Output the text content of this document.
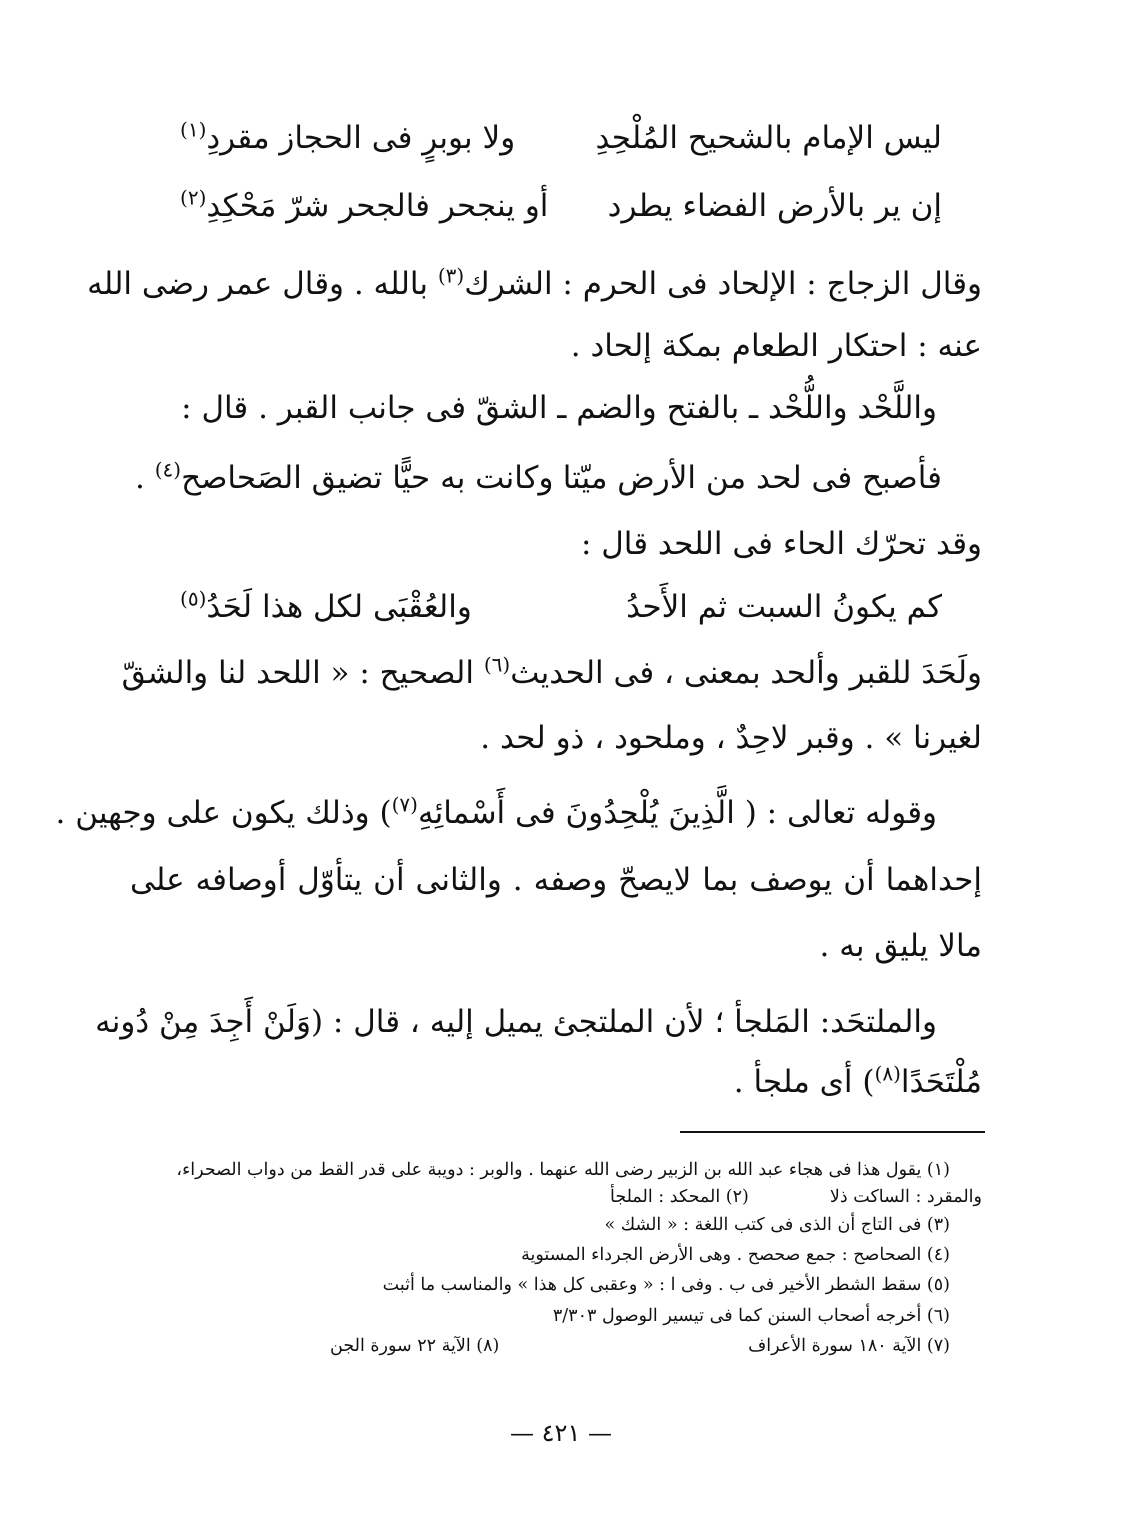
ليس الإمام بالشحيح المُلْحِدِ
ولا بوبرٍ فى الحجاز مقردِ$^{(١)}$
إن ير بالأرض الفضاء يطرد
أو ينجحر فالجحر شرّ مَحْكِدِ$^{(٢)}$
وقال الزجاج : الإلحاد فى الحرم : الشرك$^{(٣)}$ بالله . وقال عمر رضى الله
عنه : احتكار الطعام بمكة إلحاد .
واللَّحْد واللُّحْد ـ بالفتح والضم ـ الشقّ فى جانب القبر . قال :
فأصبح فى لحد من الأرض ميّتا
وكانت به حيًّا تضيق الصَحاصح$^{(٤)}$ .
وقد تحرّك الحاء فى اللحد قال :
كم يكونُ السبت ثم الأَحدُ
والعُقْبَى لكل هذا لَحَدُ$^{(٥)}$
ولَحَدَ للقبر وألحد بمعنى ، فى الحديث$^{(٦)}$ الصحيح : « اللحد لنا والشقّ
لغيرنا » . وقبر لاحِدٌ ، وملحود ، ذو لحد .
وقوله تعالى : ( الَّذِينَ يُلْحِدُونَ فى أَسْمائِهِ$^{(٧)}$) وذلك يكون على وجهين .
إحداهما أن يوصف بما لايصحّ وصفه . والثانى أن يتأوّل أوصافه على
مالا يليق به .
والملتحَد: المَلجأ ؛ لأن الملتجئ يميل إليه ، قال : (وَلَنْ أَجِدَ مِنْ دُونه
مُلْتَحَدًا$^{(٨)}$) أى ملجأ .
(١) يقول هذا فى هجاء عبد الله بن الزبير رضى الله عنهما . والوبر : دويبة على قدر القط من دواب الصحراء،
والمقرد : الساكت ذلا
(٢) المحكد : الملجأ
(٣) فى التاج أن الذى فى كتب اللغة : « الشك »
(٤) الصحاصح : جمع صحصح . وهى الأرض الجرداء المستوية
(٥) سقط الشطر الأخير فى ب . وفى ا : « وعقبى كل هذا » والمناسب ما أثبت
(٦) أخرجه أصحاب السنن كما فى تيسير الوصول ٣/٣٠٣
(٧) الآية ١٨٠ سورة الأعراف
(٨) الآية ٢٢ سورة الجن
— ٤٢١ —
